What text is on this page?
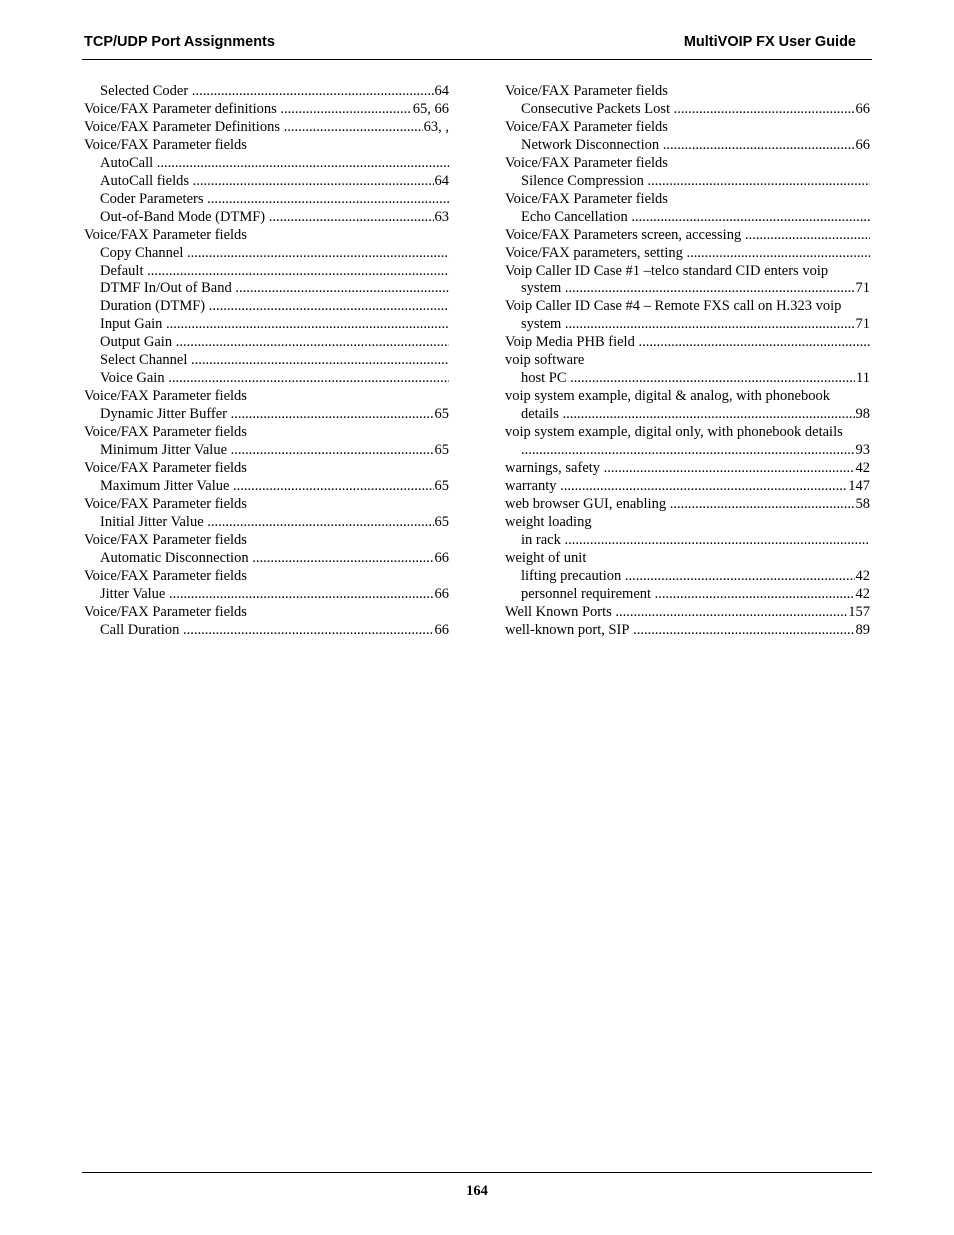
TCP/UDP Port Assignments	MultiVOIP FX User Guide
Selected Coder	64
.....
Voice/FAX Parameter definitions	65, 66
.....
Voice/FAX Parameter Definitions	63, ,
.....
Voice/FAX Parameter fields
AutoCall
.....
AutoCall fields	64
.....
Coder Parameters
.....
Out-of-Band Mode (DTMF)	63
.....
Voice/FAX Parameter fields
Copy Channel
.....
Default
.....
DTMF In/Out of Band
.....
Duration (DTMF)
.....
Input Gain
.....
Output Gain
.....
Select Channel
.....
Voice Gain
.....
Voice/FAX Parameter fields
Dynamic Jitter Buffer	65
.....
Voice/FAX Parameter fields
Minimum Jitter Value	65
.....
Voice/FAX Parameter fields
Maximum Jitter Value	65
.....
Voice/FAX Parameter fields
Initial Jitter Value	65
.....
Voice/FAX Parameter fields
Automatic Disconnection	66
.....
Voice/FAX Parameter fields
Jitter Value	66
.....
Voice/FAX Parameter fields
Call Duration	66
.....
Voice/FAX Parameter fields
Consecutive Packets Lost	66
.....
Voice/FAX Parameter fields
Network Disconnection	66
.....
Voice/FAX Parameter fields
Silence Compression
.....
Voice/FAX Parameter fields
Echo Cancellation
.....
Voice/FAX Parameters screen, accessing
.....
Voice/FAX parameters, setting
.....
Voip Caller ID Case #1 –telco standard CID enters voip
system	71
.....
Voip Caller ID Case #4 – Remote FXS call on H.323 voip
system	71
.....
Voip Media PHB field
.....
voip software
host PC	11
.....
voip system example, digital & analog, with phonebook
details	98
.....
voip system example, digital only, with phonebook details
93
.....
warnings, safety	42
.....
warranty	147
.....
web browser GUI, enabling	58
.....
weight loading
in rack
.....
weight of unit
lifting precaution	42
.....
personnel requirement	42
.....
Well Known Ports	157
.....
well-known port, SIP	89
.....
164
